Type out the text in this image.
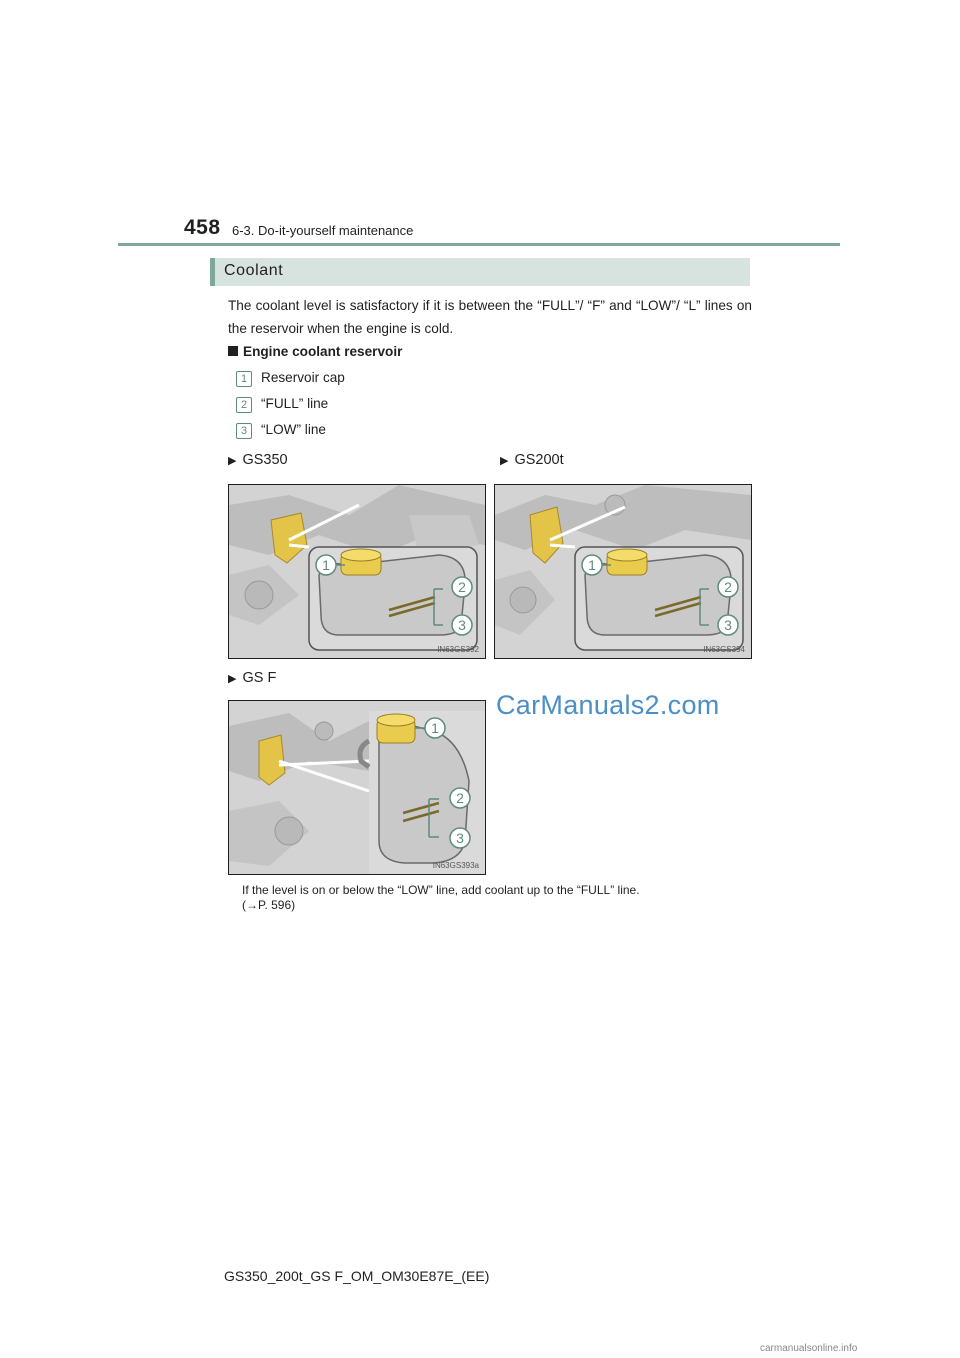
458 6-3. Do-it-yourself maintenance
Coolant
The coolant level is satisfactory if it is between the “FULL”/ “F” and “LOW”/ “L” lines on the reservoir when the engine is cold.
Engine coolant reservoir
1 Reservoir cap
2 “FULL” line
3 “LOW” line
▶ GS350	▶ GS200t
1
2
3
IN63GS392
1
2
3
IN63GS394
▶ GS F
1
2
3
IN63GS393a
CarManuals2.com
If the level is on or below the “LOW” line, add coolant up to the “FULL” line.
(→P. 596)
GS350_200t_GS F_OM_OM30E87E_(EE)
carmanualsonline.info
